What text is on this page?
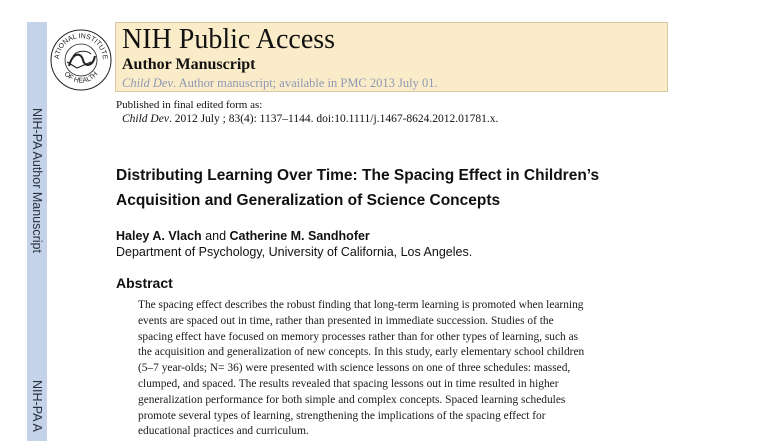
NIH-PA Author Manuscript
NIH-PA A
ATIONAL INSTITUTE
OF HEALTH
NIH Public Access
Author Manuscript
Child Dev. Author manuscript; available in PMC 2013 July 01.
Published in final edited form as:
Child Dev. 2012 July ; 83(4): 1137–1144. doi:10.1111/j.1467-8624.2012.01781.x.
Distributing Learning Over Time: The Spacing Effect in Children’s Acquisition and Generalization of Science Concepts
Haley A. Vlach and Catherine M. Sandhofer
Department of Psychology, University of California, Los Angeles.
Abstract
The spacing effect describes the robust finding that long-term learning is promoted when learning
events are spaced out in time, rather than presented in immediate succession. Studies of the
spacing effect have focused on memory processes rather than for other types of learning, such as
the acquisition and generalization of new concepts. In this study, early elementary school children
(5–7 year-olds; N= 36) were presented with science lessons on one of three schedules: massed,
clumped, and spaced. The results revealed that spacing lessons out in time resulted in higher
generalization performance for both simple and complex concepts. Spaced learning schedules
promote several types of learning, strengthening the implications of the spacing effect for
educational practices and curriculum.
